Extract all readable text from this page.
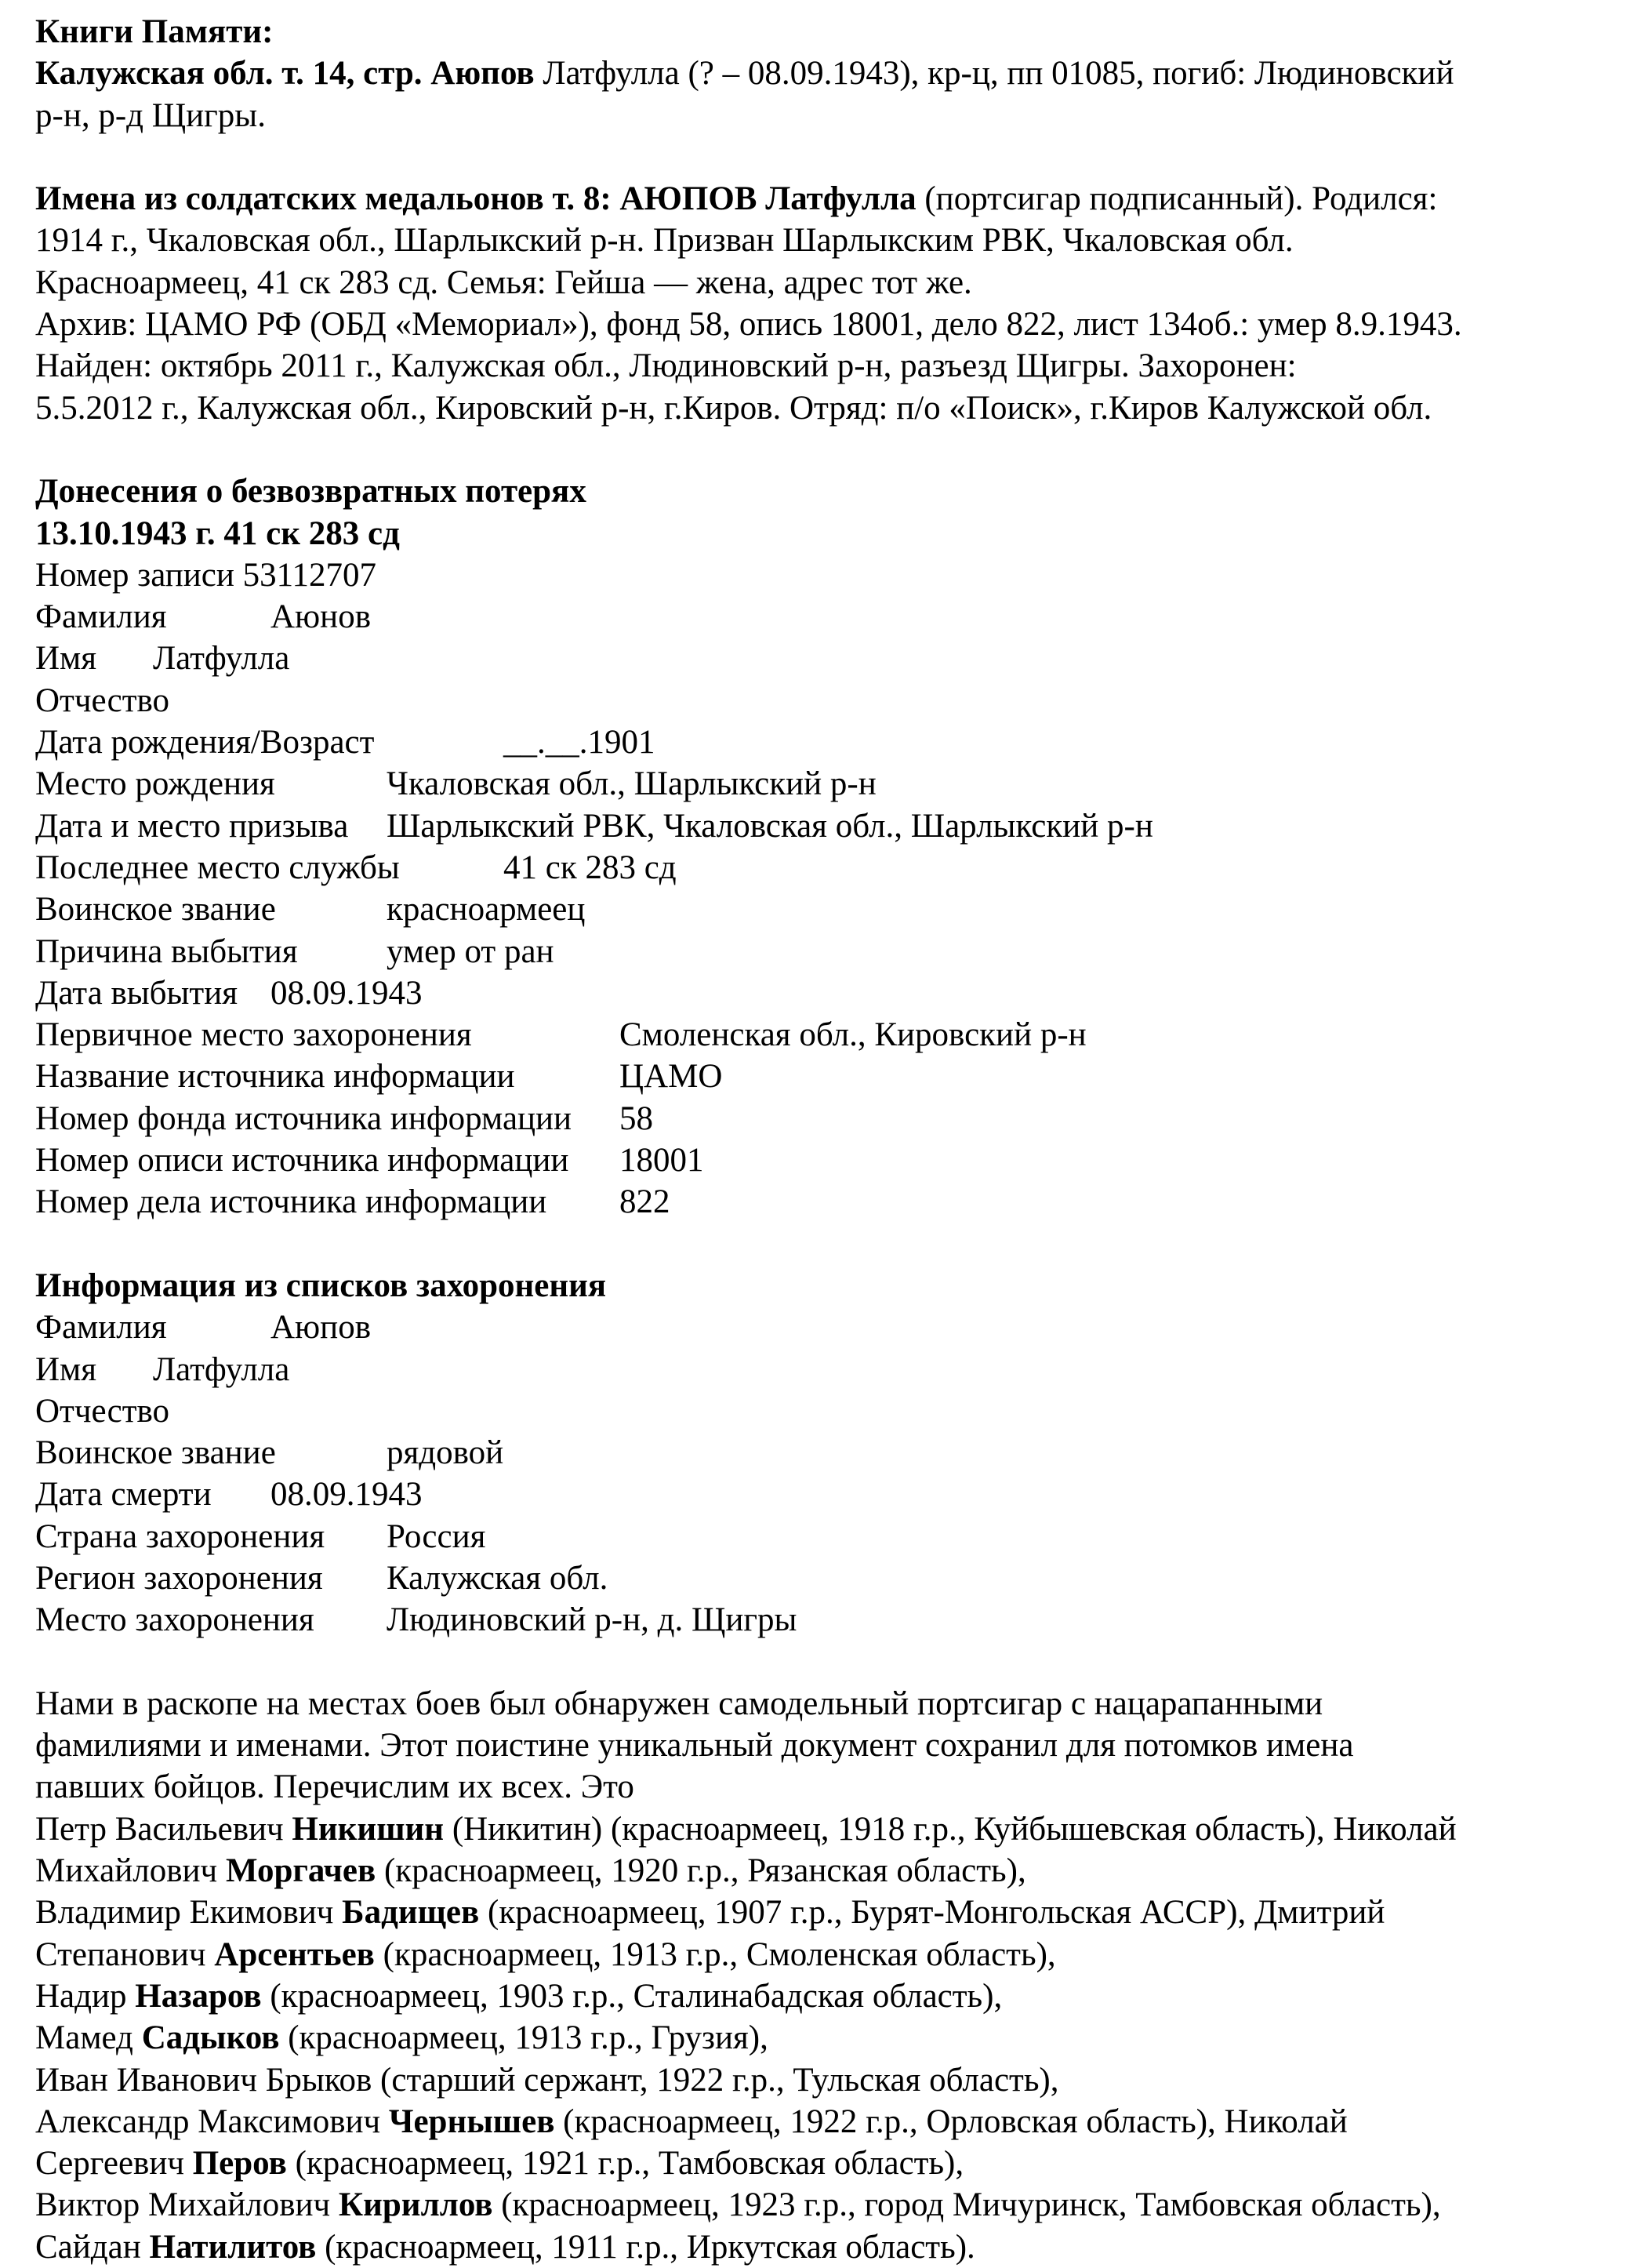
Книги Памяти:
Калужская обл. т. 14, стр. Аюпов Латфулла (? – 08.09.1943), кр-ц, пп 01085, погиб: Людиновский
р-н, р-д Щигры.
Имена из солдатских медальонов т. 8: АЮПОВ Латфулла (портсигар подписанный). Родился:
1914 г., Чкаловская обл., Шарлыкский р-н. Призван Шарлыкским РВК, Чкаловская обл.
Красноармеец, 41 ск 283 сд. Семья: Гейша — жена, адрес тот же.
Архив: ЦАМО РФ (ОБД «Мемориал»), фонд 58, опись 18001, дело 822, лист 134об.: умер 8.9.1943.
Найден: октябрь 2011 г., Калужская обл., Людиновский р-н, разъезд Щигры. Захоронен:
5.5.2012 г., Калужская обл., Кировский р-н, г.Киров. Отряд: п/о «Поиск», г.Киров Калужской обл.
Донесения о безвозвратных потерях
13.10.1943 г. 41 ск 283 сд
Номер записи 53112707
Фамилия	Аюнов
Имя	Латфулла
Отчество
Дата рождения/Возраст	__.__.1901
Место рождения	Чкаловская обл., Шарлыкский р-н
Дата и место призыва	Шарлыкский РВК, Чкаловская обл., Шарлыкский р-н
Последнее место службы	41 ск 283 сд
Воинское звание	красноармеец
Причина выбытия	умер от ран
Дата выбытия 08.09.1943
Первичное место захоронения	Смоленская обл., Кировский р-н
Название источника информации	ЦАМО
Номер фонда источника информации	58
Номер описи источника информации	18001
Номер дела источника информации	822
Информация из списков захоронения
Фамилия	Аюпов
Имя	Латфулла
Отчество
Воинское звание	рядовой
Дата смерти	08.09.1943
Страна захоронения	Россия
Регион захоронения	Калужская обл.
Место захоронения	Людиновский р-н, д. Щигры
Нами в раскопе на местах боев был обнаружен самодельный портсигар с нацарапанными
фамилиями и именами. Этот поистине уникальный документ сохранил для потомков имена
павших бойцов. Перечислим их всех. Это
Петр Васильевич Никишин (Никитин) (красноармеец, 1918 г.р., Куйбышевская область), Николай
Михайлович Моргачев (красноармеец, 1920 г.р., Рязанская область),
Владимир Екимович Бадищев (красноармеец, 1907 г.р., Бурят-Монгольская АССР), Дмитрий
Степанович Арсентьев (красноармеец, 1913 г.р., Смоленская область),
Надир Назаров (красноармеец, 1903 г.р., Сталинабадская область),
Мамед Садыков (красноармеец, 1913 г.р., Грузия),
Иван Иванович Брыков (старший сержант, 1922 г.р., Тульская область),
Александр Максимович Чернышев (красноармеец, 1922 г.р., Орловская область), Николай
Сергеевич Перов (красноармеец, 1921 г.р., Тамбовская область),
Виктор Михайлович Кириллов (красноармеец, 1923 г.р., город Мичуринск, Тамбовская область),
Сайдан Натилитов (красноармеец, 1911 г.р., Иркутская область).
